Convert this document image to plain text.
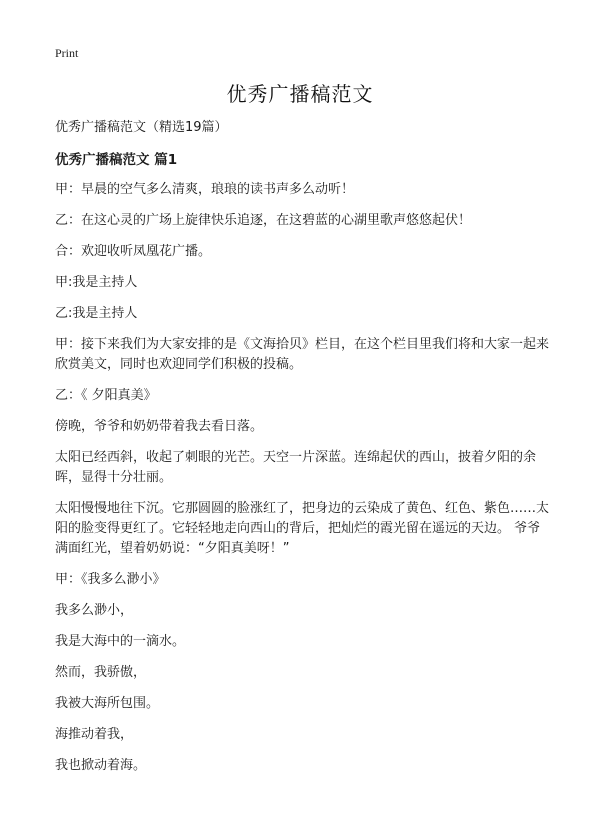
Print
优秀广播稿范文

优秀广播稿范文（精选19篇）

优秀广播稿范文 篇1

甲：早晨的空气多么清爽，琅琅的读书声多么动听！

乙：在这心灵的广场上旋律快乐追逐，在这碧蓝的心湖里歌声悠悠起伏！

合：欢迎收听凤凰花广播。

甲:我是主持人

乙:我是主持人

甲：接下来我们为大家安排的是《文海拾贝》栏目，在这个栏目里我们将和大家一起来欣赏美文，同时也欢迎同学们积极的投稿。

乙：《 夕阳真美》

傍晚，爷爷和奶奶带着我去看日落。

太阳已经西斜，收起了刺眼的光芒。天空一片深蓝。连绵起伏的西山，披着夕阳的余晖，显得十分壮丽。

太阳慢慢地往下沉。它那圆圆的脸涨红了，把身边的云染成了黄色、红色、紫色……太阳的脸变得更红了。它轻轻地走向西山的背后，把灿烂的霞光留在遥远的天边。 爷爷满面红光，望着奶奶说：“夕阳真美呀！”

甲：《我多么渺小》

我多么渺小，

我是大海中的一滴水。

然而，我骄傲，

我被大海所包围。

海推动着我，

我也掀动着海。
